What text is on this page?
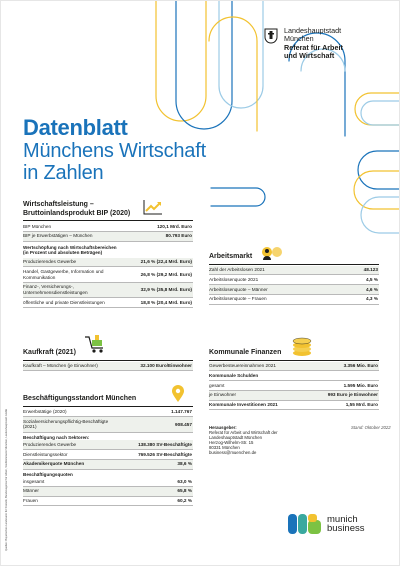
Landeshauptstadt
München
Referat für Arbeit
und Wirtschaft
Datenblatt
Münchens Wirtschaft
in Zahlen
Wirtschaftsleistung –
Bruttoinlandsprodukt BIP (2020)
BIP München	120,1 Mrd. Euro
BIP je Erwerbstätigen – München	80.793 Euro
Wertschöpfung nach Wirtschaftsbereichen
(in Prozent und absoluten Beträgen)
Produzierendes Gewerbe	21,6 % (22,4 Mrd. Euro)
Handel, Gastgewerbe, Information und Kommunikation	26,8 % (29,2 Mrd. Euro)
Finanz-, Versicherungs-, Unternehmensdienstleistungen	32,9 % (35,8 Mrd. Euro)
öffentliche und private Dienstleistungen	18,8 % (20,4 Mrd. Euro)
Kaufkraft (2021)
Kaufkraft – München (je Einwohner)	32.100 Euro/Einwohner
Beschäftigungsstandort München
Erwerbstätige (2020)	1.147.767
Sozialversicherungspflichtig-Beschäftigte (2021)	908.457
Beschäftigung nach Sektoren:
Produzierendes Gewerbe	138.380 SV-Beschäftigte
Dienstleistungssektor	769.526 SV-Beschäftigte
Akademikerquote München	38,6 %
Beschäftigungsquoten
insgesamt	63,0 %
Männer	65,8 %
Frauen	60,2 %
Arbeitsmarkt
Zahl der Arbeitslosen 2021	48.123
Arbeitslosenquote 2021	4,5 %
Arbeitslosenquote – Männer	4,6 %
Arbeitslosenquote – Frauen	4,3 %
Kommunale Finanzen
Gewerbesteuereinnahmen 2021	3.356 Mio. Euro
Kommunale Schulden	
gesamt	1.595 Mio. Euro
je Einwohner	993 Euro je Einwohner
Kommunale Investitionen 2021	1,55 Mrd. Euro
Herausgeber:
Referat für Arbeit und Wirtschaft der
Landeshauptstadt München
Herzog-Wilhelm-Str. 15
80331 München
business@muenchen.de
Stand: Oktober 2022
munich
business
Quellen: Bayerisches Landesamt für Statistik, Bundesagentur für Arbeit, Stadtkämmerei München, Landeshauptstadt GmbH
